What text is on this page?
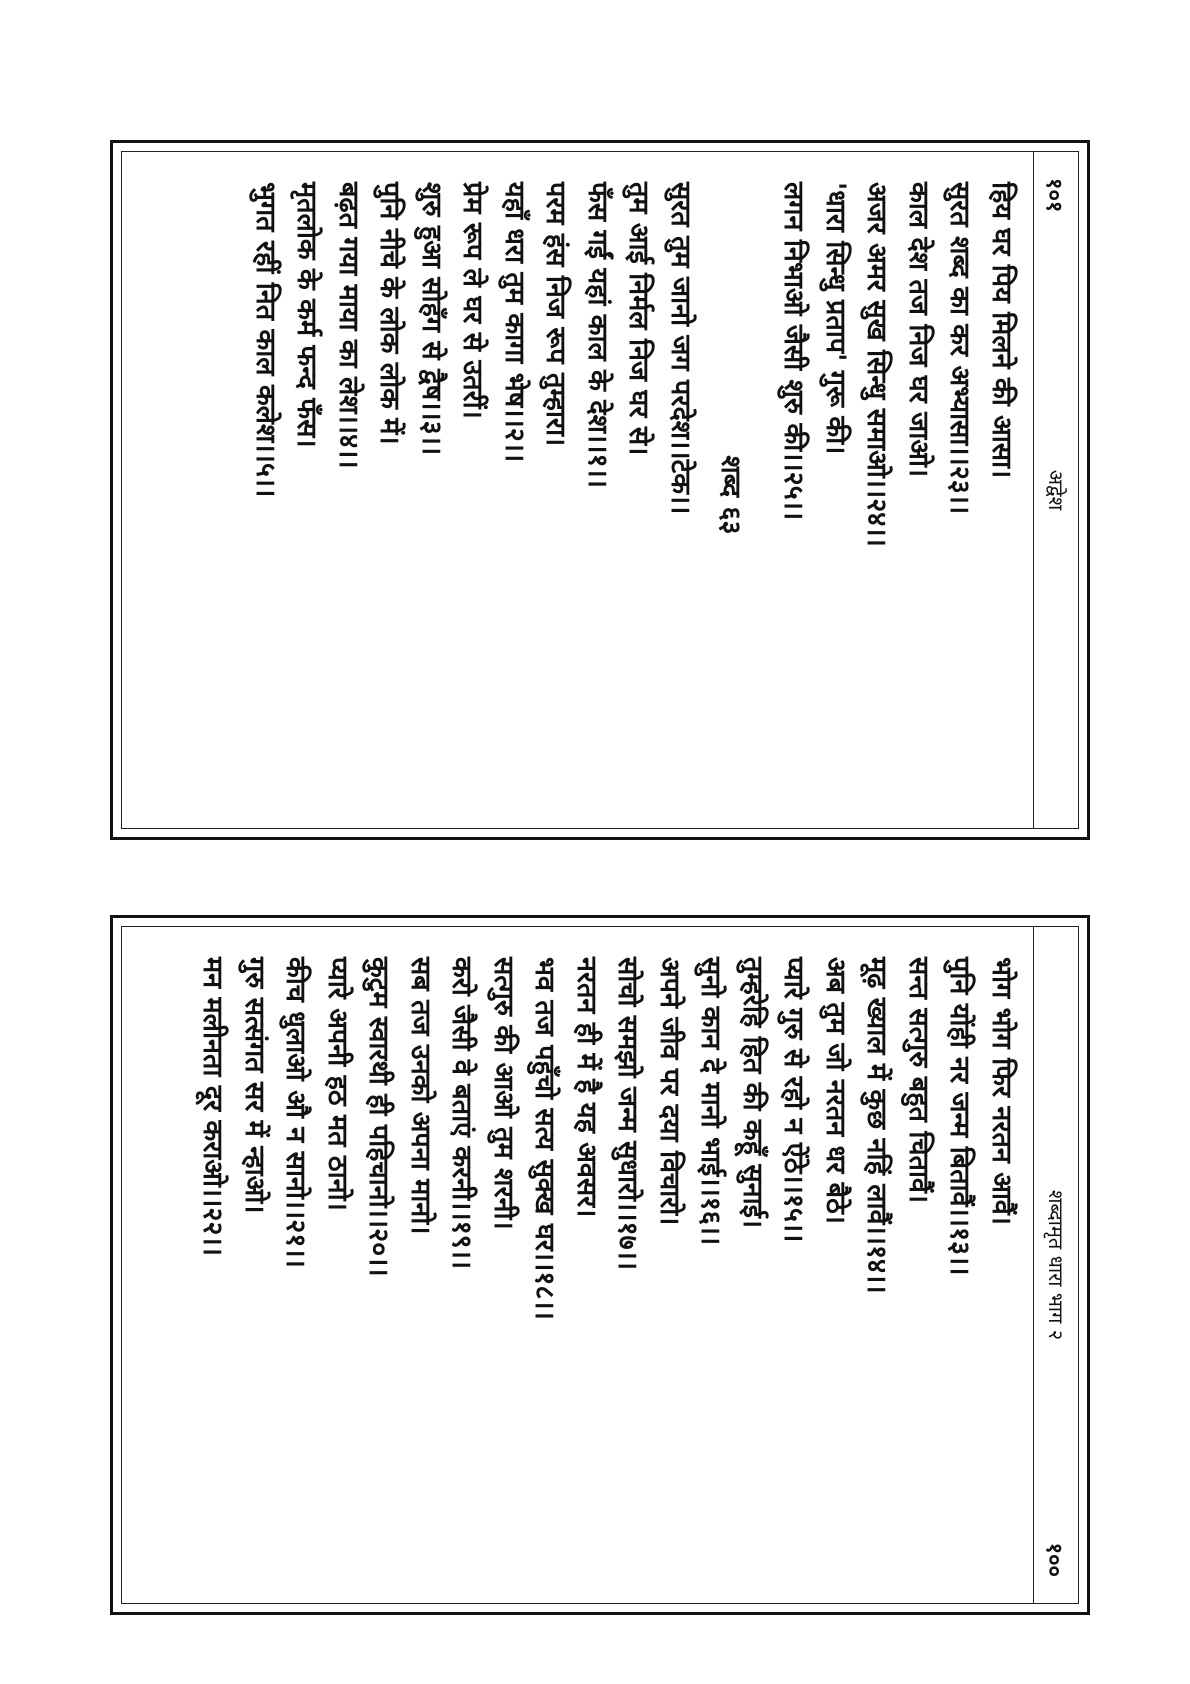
अद्वेश
१०१
हिय घर पिय मिलने की आसा।
सुरत शब्द का कर अभ्यासा।।२३।।
काल देश तज निज घर जाओ।
अजर अमर सुख सिन्धु समाओ।।२४।।
'धारा सिन्धु प्रताप' गुरू की।
लगन निभाओ जैसी शुरु की।।२५।।
शब्द ६३
सुरत तुम जानो जग परदेश।।टेक।।
तुम आई निर्मल निज घर से।
फँस गईं यहां काल के देश।।१।।
परम हंस निज रूप तुम्हारा।
यहाँ धरा तुम कागा भेष।।२।।
प्रेम रूप ले घर से उतरीं।
शुरु हुआ सोहँग से द्वैष।।३।।
पुनि नीचे के लोक लोक में।
बढ़त गया माया का लेश।।४।।
मृतलोक के कर्म फन्द फँस।
भुगत रहीं नित काल कलेश।।५।।
शब्दामृत धारा भाग २
१००
भोग भोग फिर नरतन आवैं।
पुनि योंही नर जन्म बितावैं।।१३।।
सन्त सत्गुरु बहुत चितावैं।
मूढ़ ख्याल में कुछ नहिं लावैं।।१४।।
अब तुम जो नरतन धर बैठे।
प्यारे गुरु से रहो न ऐंठे।।१५।।
तुम्हरेहि हित की कहूँ सुनाई।
सुनो कान दे मानो भाई।।१६।।
अपने जीव पर दया विचारो।
सोचो समझो जन्म सुधारो।।१७।।
नरतन ही में है यह अवसर।
भव तज पहुँचो सत्य सुक्ख घर।।१८।।
सत्गुरु की आओ तुम शरनी।
करो जैसी वे बताएं करनी।।१९।।
सब तज उनको अपना मानो।
कुटुम स्वारथी ही पहिचानो।।२०।।
प्यारे अपनी हठ मत ठानो।
कीच धुलाओ औ न सानो।।२१।।
गुरु सत्संगत सर में न्हाओ।
मन मलीनता दूर कराओ।।२२।।
